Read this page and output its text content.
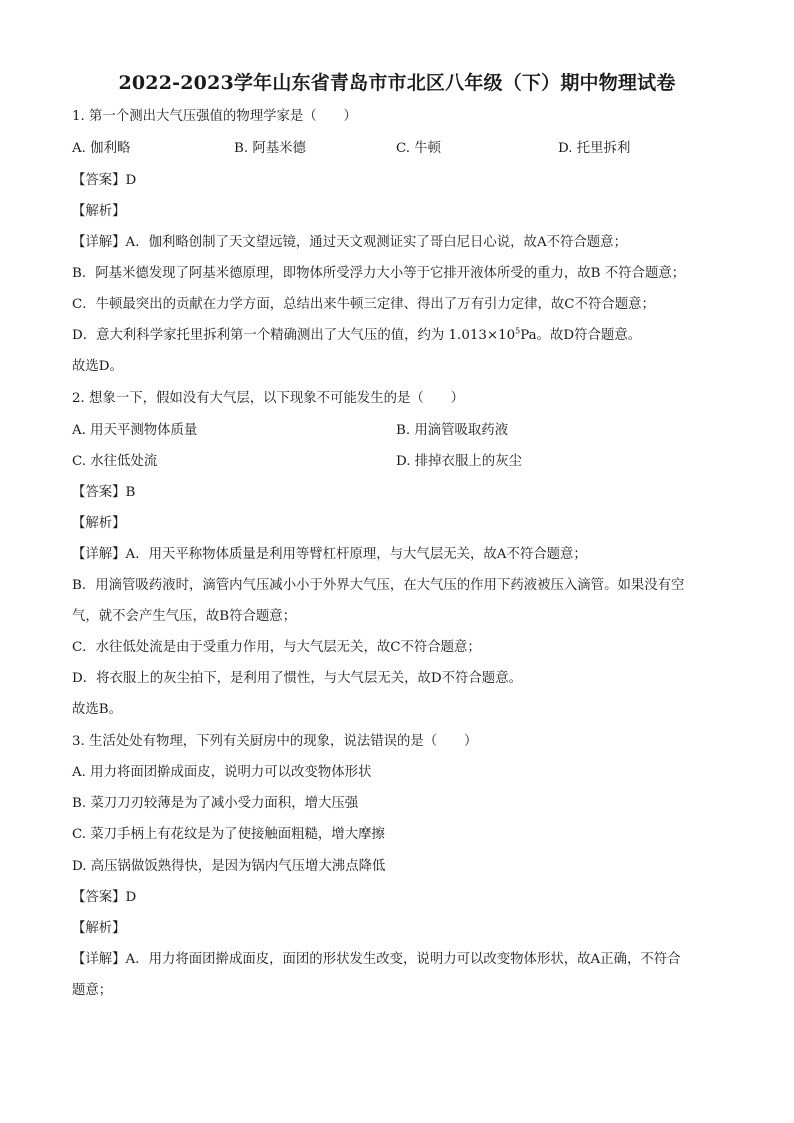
2022-2023学年山东省青岛市市北区八年级（下）期中物理试卷
1. 第一个测出大气压强值的物理学家是（　　）
A. 伽利略	B. 阿基米德	C. 牛顿	D. 托里拆利
【答案】D
【解析】
【详解】A．伽利略创制了天文望远镜，通过天文观测证实了哥白尼日心说，故A不符合题意；
B．阿基米德发现了阿基米德原理，即物体所受浮力大小等于它排开液体所受的重力，故B 不符合题意；
C．牛顿最突出的贡献在力学方面，总结出来牛顿三定律、得出了万有引力定律，故C不符合题意；
D．意大利科学家托里拆利第一个精确测出了大气压的值，约为 $1.013\times 10^5Pa$。故D符合题意。
故选D。
2. 想象一下，假如没有大气层，以下现象不可能发生的是（　　）
A. 用天平测物体质量	B. 用滴管吸取药液
C. 水往低处流	D. 排掉衣服上的灰尘
【答案】B
【解析】
【详解】A．用天平称物体质量是利用等臂杠杆原理，与大气层无关，故A不符合题意；
B．用滴管吸药液时，滴管内气压减小小于外界大气压，在大气压的作用下药液被压入滴管。如果没有空
气，就不会产生气压，故B符合题意；
C．水往低处流是由于受重力作用，与大气层无关，故C不符合题意；
D．将衣服上的灰尘拍下，是利用了惯性，与大气层无关，故D不符合题意。
故选B。
3. 生活处处有物理，下列有关厨房中的现象，说法错误的是（　　）
A. 用力将面团擀成面皮，说明力可以改变物体形状
B. 菜刀刀刃较薄是为了减小受力面积，增大压强
C. 菜刀手柄上有花纹是为了使接触面粗糙，增大摩擦
D. 高压锅做饭熟得快，是因为锅内气压增大沸点降低
【答案】D
【解析】
【详解】A．用力将面团擀成面皮，面团的形状发生改变，说明力可以改变物体形状，故A正确，不符合
题意；
